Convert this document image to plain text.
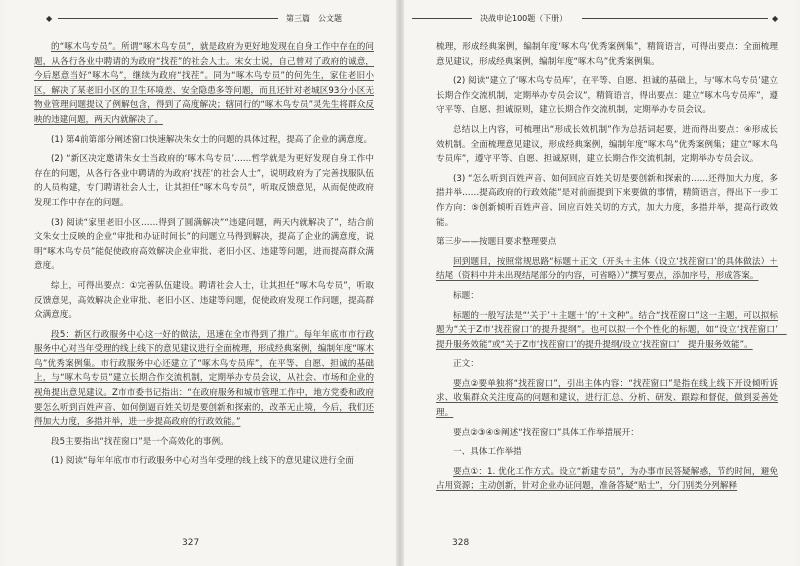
◆	第三篇　公文题

的“啄木鸟专员”。所谓“啄木鸟专员”，就是政府为更好地发现在自身工作中存在的问题，从各行各业中聘请的为政府“找茬”的社会人士。宋女士说，自己曾对了政府的诚意，今后愿意当好“啄木鸟”，继续为政府“找茬”。同为“啄木鸟专员”的何先生，家住老旧小区，解决了某老旧小区的卫生环境差、安全隐患多等问题，而且还针对老城区93分小区无物业管理问题提议了例解包含，得到了高度解决；辖同行的“啄木鸟专员”灵先生将群众反映的违建问题，两天内就解决了。

(1) 第4前第部分阐述窗口快速解决朱女士的问题的具体过程，提高了企业的满意度。

(2) “新区决定邀请朱女士当政府的‘啄木鸟专员’……哲学就是为更好发现自身工作中存在的问题，从各行各业中聘请的为政府‘找茬’的社会人士”，说明政府为了完善找服队伍的人员构建，专门聘请社会人士，让其担任“啄木鸟专员”，听取反馈意见，从而促使政府发现工作中存在的问题。

(3) 阅读“家里老旧小区……得到了圆满解决”“违建问题，两天内就解决了”，结合前文朱女士反映的企业“审批和办证时间长”的问题立马得到解决，提高了企业的满意度，说明“啄木鸟专员”能促使政府高效解决企业审批、老旧小区、违建等问题，进而提高群众满意度。

综上，可得出要点：①完善队伍建设。聘请社会人士，让其担任“啄木鸟专员”，听取反馈意见，高效解决企业审批、老旧小区、违建等问题，促使政府发现工作问题，提高群众满意度。

段5：新区行政服务中心这一好的做法，迅速在全市得到了推广。每年年底市市行政服务中心对当年受理的线上线下的意见建议进行全面梳理，形成经典案例，编制年度“啄木鸟”优秀案例集。市行政服务中心还建立了“啄木鸟专员库”，在平等、自愿、担诚的基础上，与“啄木鸟专员”建立长期合作交流机制，定期举办专员会议，从社会、市场和企业的视角提出意见建议。Z市市委书记指出：“在政府服务和城市管理工作中，地方党委和政府要怎么听到百姓声音、如何倒逼百姓关切是要创新和探索的，改革无止境，今后，我们还得加大力度，多措并举，进一步提高政府的行政效能。”

段5主要指出“找茬窗口”是一个高效化的事例。

(1) 阅读“每年年底市市行政服务中心对当年受理的线上线下的意见建议进行全面

327
决战申论100题（下册）	◆

梳理，形成经典案例，编制年度‘啄木鸟’优秀案例集”，精简语言，可得出要点：全面梳理意见建议，形成经典案例，编制年度“啄木鸟”优秀案例集。

(2) 阅读“建立了‘啄木鸟专员库’，在平等、自愿、担诚的基础上，与‘啄木鸟专员’建立长期合作交流机制，定期举办专员会议”，精简语言，得出要点：建立“啄木鸟专员库”，遵守平等、自愿、担诚原则，建立长期合作交流机制，定期举办专员会议。

总结以上内容，可梳理出“形成长效机制”作为总括词起要，进而得出要点：④形成长效机制。全面梳理意见建议，形成经典案例，编制年度“啄木鸟”优秀案例集；建立“啄木鸟专员库”，遵守平等、自愿、担诚原则，建立长期合作交流机制，定期举办专员会议。

(3) “怎么听到百姓声音、如何回应百姓关切是要创新和探索的……还得加大力度，多措并举……提高政府的行政效能”是对前面提到下来要做的事情，精简语言，得出下一步工作方向：⑤创新倾听百姓声音、回应百姓关切的方式，加大力度，多措并举，提高行政效能。

第三步——按题目要求整理要点

回到题目，按照常规思路“标题＋正文（开头＋主体（设立‘找茬窗口’的具体做法）＋结尾（资料中并未出现结尾部分的内容，可省略））”撰写要点，添加序号，形成答案。

标题：

标题的一般写法是“‘关于’＋主题＋‘的’＋文种”。结合“找茬窗口”这一主题，可以拟标题为“关于Z市‘找茬窗口’的提升提纲”。也可以拟一个个性化的标题，如“设立‘找茬窗口’　提升服务效能”或“关于Z市‘找茬窗口’的提升提纲/设立‘找茬窗口’　提升服务效能”。

正文：

要点②要单独将“找茬窗口”，引出主体内容：“找茬窗口”是指在线上线下开设倾听诉求、收集群众关注度高的问题和建议，进行汇总、分析、研发、跟踪和督促，做到妥善处理。

要点②③④⑤阐述“找茬窗口”具体工作举措展开：

一、具体工作举措

要点①：1. 优化工作方式。设立“新建专员”，为办事市民答疑解惑，节约时间，避免占用资源；主动创新，针对企业办证问题，准备答疑“贴士”，分门别类分列解释

328
